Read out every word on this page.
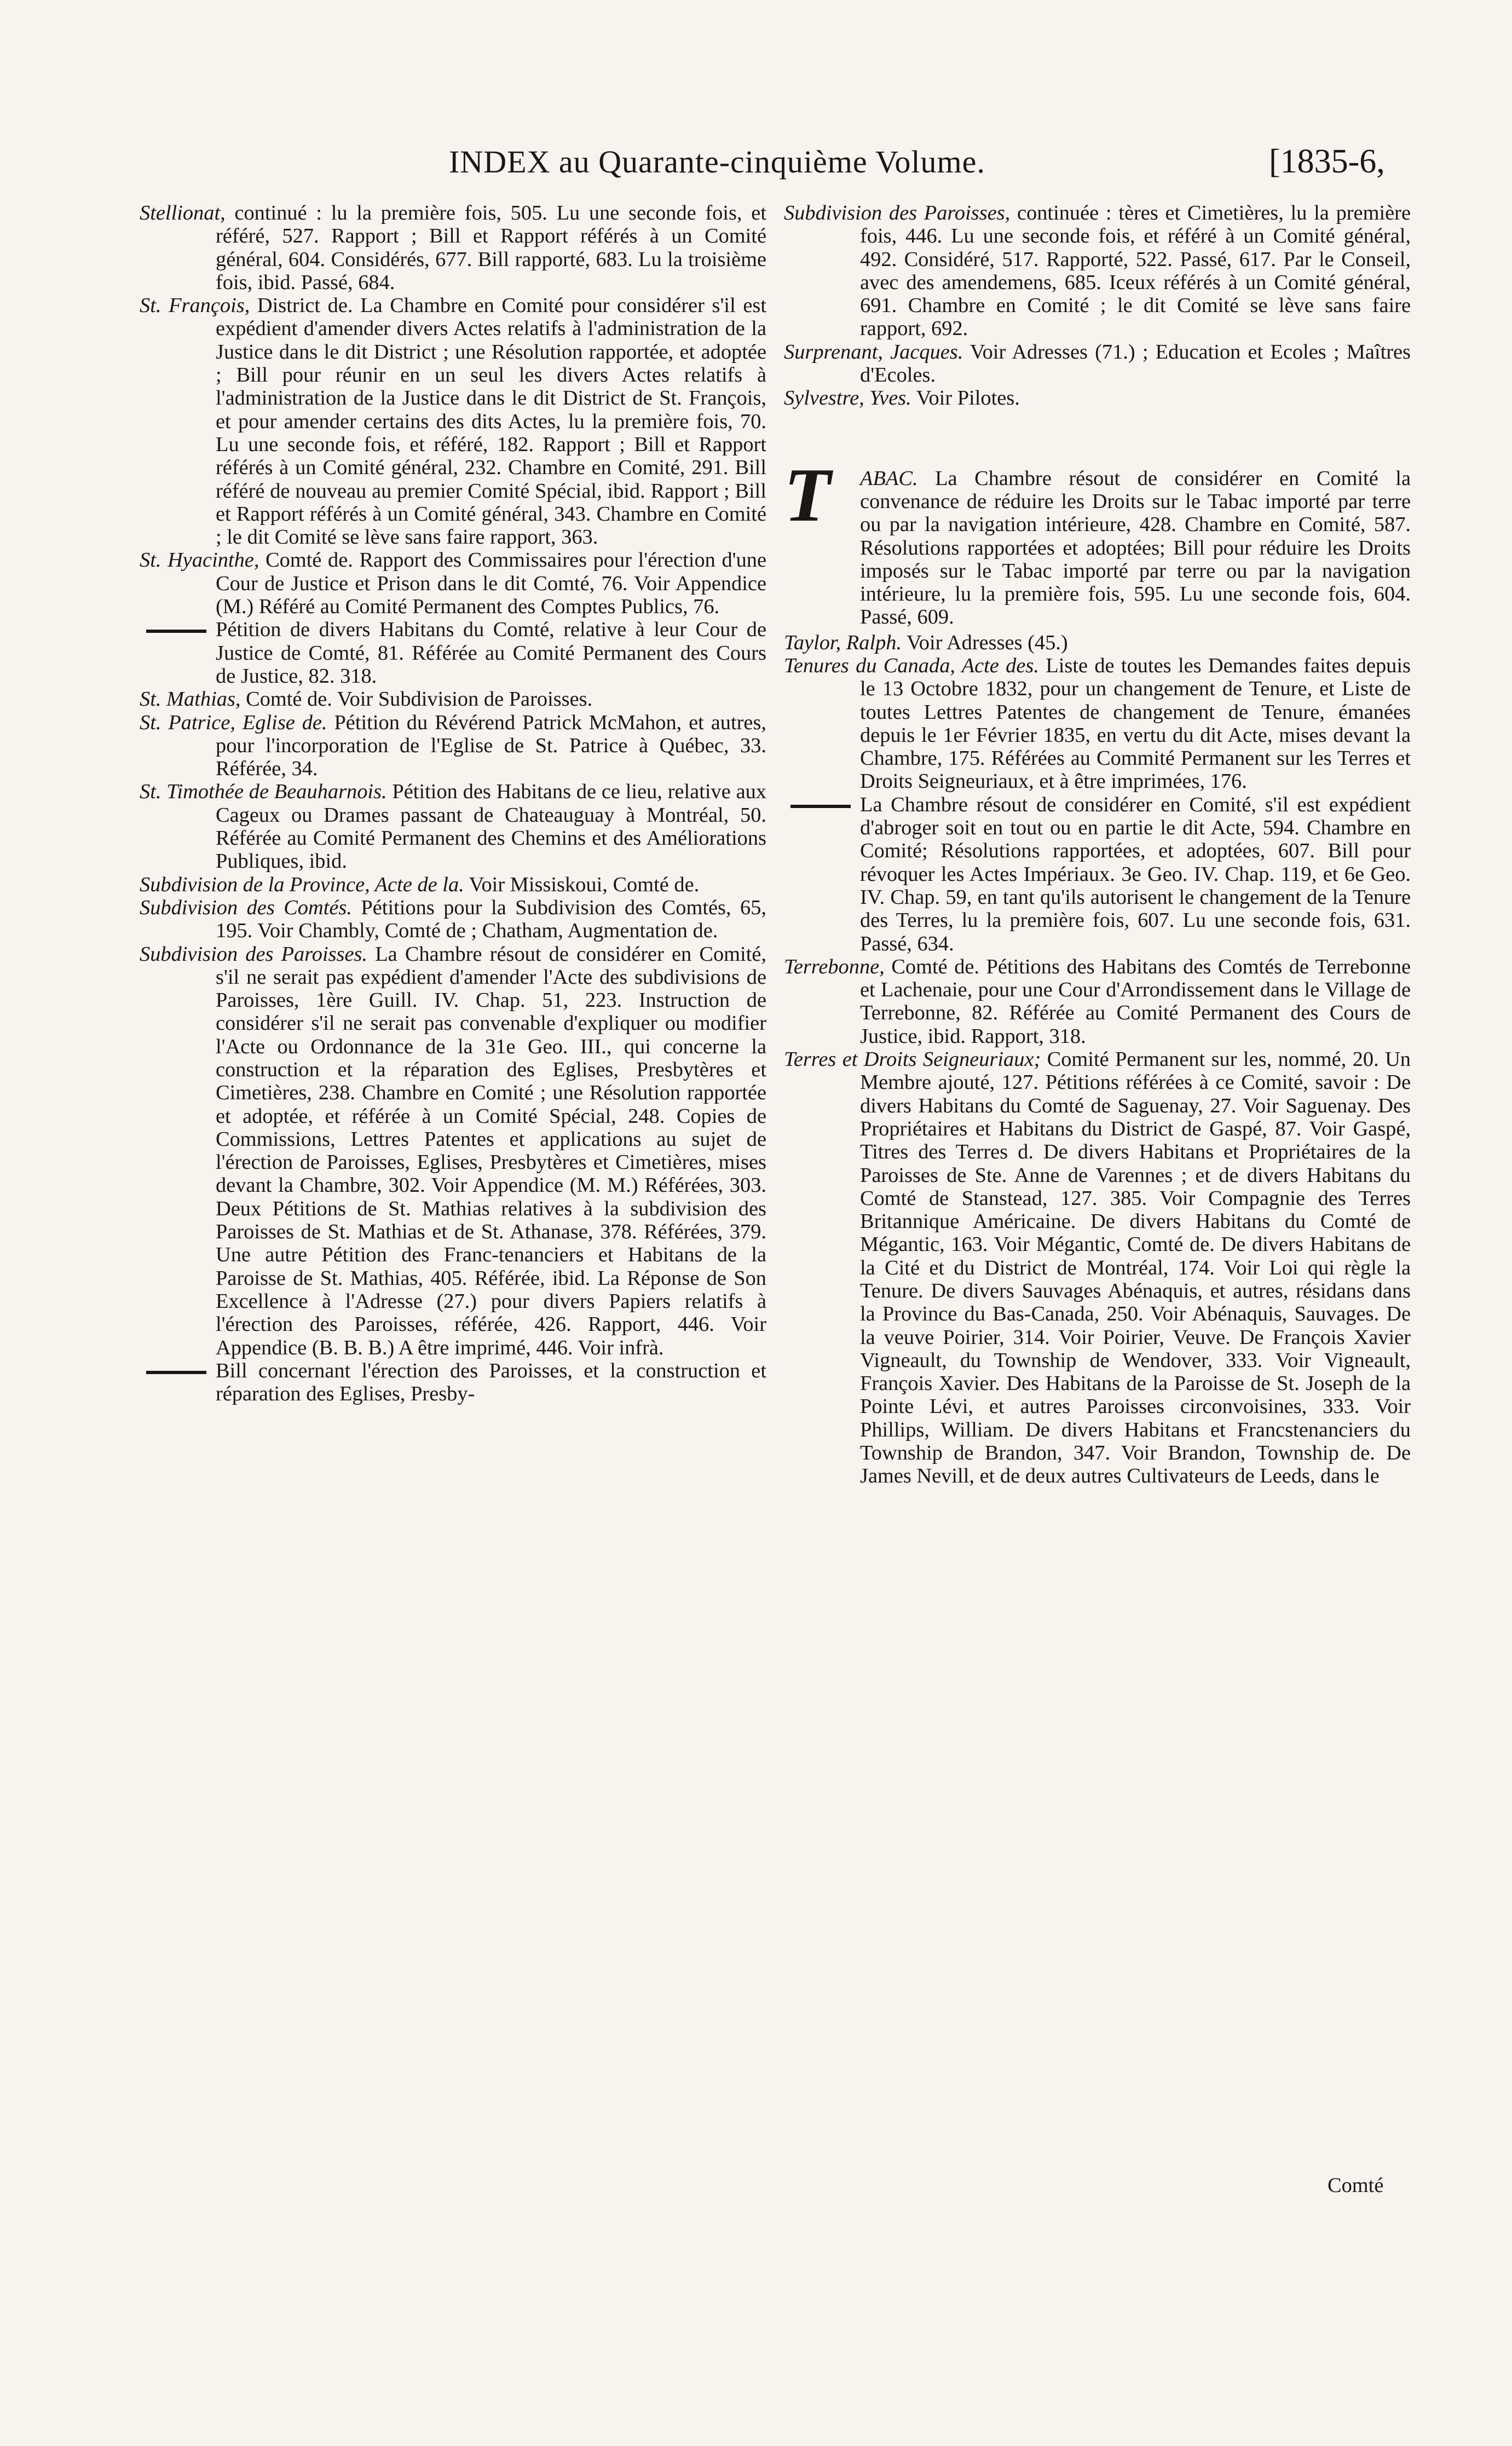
INDEX au Quarante-cinquième Volume.	[1835-6,

Stellionat, continué : lu la première fois, 505. Lu une seconde fois, et référé, 527. Rapport ; Bill et Rapport référés à un Comité général, 604. Considérés, 677. Bill rapporté, 683. Lu la troisième fois, ibid. Passé, 684.

St. François, District de. La Chambre en Comité pour considérer s'il est expédient d'amender divers Actes relatifs à l'administration de la Justice dans le dit District ; une Résolution rapportée, et adoptée ; Bill pour réunir en un seul les divers Actes relatifs à l'administration de la Justice dans le dit District de St. François, et pour amender certains des dits Actes, lu la première fois, 70. Lu une seconde fois, et référé, 182. Rapport ; Bill et Rapport référés à un Comité général, 232. Chambre en Comité, 291. Bill référé de nouveau au premier Comité Spécial, ibid. Rapport ; Bill et Rapport référés à un Comité général, 343. Chambre en Comité ; le dit Comité se lève sans faire rapport, 363.

St. Hyacinthe, Comté de. Rapport des Commissaires pour l'érection d'une Cour de Justice et Prison dans le dit Comté, 76. Voir Appendice (M.) Référé au Comité Permanent des Comptes Publics, 76.

Pétition de divers Habitans du Comté, relative à leur Cour de Justice de Comté, 81. Référée au Comité Permanent des Cours de Justice, 82. 318.

St. Mathias, Comté de. Voir Subdivision de Paroisses.

St. Patrice, Eglise de. Pétition du Révérend Patrick McMahon, et autres, pour l'incorporation de l'Eglise de St. Patrice à Québec, 33. Référée, 34.

St. Timothée de Beauharnois. Pétition des Habitans de ce lieu, relative aux Cageux ou Drames passant de Chateauguay à Montréal, 50. Référée au Comité Permanent des Chemins et des Améliorations Publiques, ibid.

Subdivision de la Province, Acte de la. Voir Missiskoui, Comté de.

Subdivision des Comtés. Pétitions pour la Subdivision des Comtés, 65, 195. Voir Chambly, Comté de ; Chatham, Augmentation de.

Subdivision des Paroisses. La Chambre résout de considérer en Comité, s'il ne serait pas expédient d'amender l'Acte des subdivisions de Paroisses, 1ère Guill. IV. Chap. 51, 223. Instruction de considérer s'il ne serait pas convenable d'expliquer ou modifier l'Acte ou Ordonnance de la 31e Geo. III., qui concerne la construction et la réparation des Eglises, Presbytères et Cimetières, 238. Chambre en Comité ; une Résolution rapportée et adoptée, et référée à un Comité Spécial, 248. Copies de Commissions, Lettres Patentes et applications au sujet de l'érection de Paroisses, Eglises, Presbytères et Cimetières, mises devant la Chambre, 302. Voir Appendice (M. M.) Référées, 303. Deux Pétitions de St. Mathias relatives à la subdivision des Paroisses de St. Mathias et de St. Athanase, 378. Référées, 379. Une autre Pétition des Franc-tenanciers et Habitans de la Paroisse de St. Mathias, 405. Référée, ibid. La Réponse de Son Excellence à l'Adresse (27.) pour divers Papiers relatifs à l'érection des Paroisses, référée, 426. Rapport, 446. Voir Appendice (B. B. B.) A être imprimé, 446. Voir infrà.

Bill concernant l'érection des Paroisses, et la construction et réparation des Eglises, Presby-

Subdivision des Paroisses, continuée : tères et Cimetières, lu la première fois, 446. Lu une seconde fois, et référé à un Comité général, 492. Considéré, 517. Rapporté, 522. Passé, 617. Par le Conseil, avec des amendemens, 685. Iceux référés à un Comité général, 691. Chambre en Comité ; le dit Comité se lève sans faire rapport, 692.

Surprenant, Jacques. Voir Adresses (71.) ; Education et Ecoles ; Maîtres d'Ecoles.

Sylvestre, Yves. Voir Pilotes.

T ABAC. La Chambre résout de considérer en Comité la convenance de réduire les Droits sur le Tabac importé par terre ou par la navigation intérieure, 428. Chambre en Comité, 587. Résolutions rapportées et adoptées; Bill pour réduire les Droits imposés sur le Tabac importé par terre ou par la navigation intérieure, lu la première fois, 595. Lu une seconde fois, 604. Passé, 609.

Taylor, Ralph. Voir Adresses (45.)

Tenures du Canada, Acte des. Liste de toutes les Demandes faites depuis le 13 Octobre 1832, pour un changement de Tenure, et Liste de toutes Lettres Patentes de changement de Tenure, émanées depuis le 1er Février 1835, en vertu du dit Acte, mises devant la Chambre, 175. Référées au Commité Permanent sur les Terres et Droits Seigneuriaux, et à être imprimées, 176.

La Chambre résout de considérer en Comité, s'il est expédient d'abroger soit en tout ou en partie le dit Acte, 594. Chambre en Comité; Résolutions rapportées, et adoptées, 607. Bill pour révoquer les Actes Impériaux. 3e Geo. IV. Chap. 119, et 6e Geo. IV. Chap. 59, en tant qu'ils autorisent le changement de la Tenure des Terres, lu la première fois, 607. Lu une seconde fois, 631. Passé, 634.

Terrebonne, Comté de. Pétitions des Habitans des Comtés de Terrebonne et Lachenaie, pour une Cour d'Arrondissement dans le Village de Terrebonne, 82. Référée au Comité Permanent des Cours de Justice, ibid. Rapport, 318.

Terres et Droits Seigneuriaux; Comité Permanent sur les, nommé, 20. Un Membre ajouté, 127. Pétitions référées à ce Comité, savoir : De divers Habitans du Comté de Saguenay, 27. Voir Saguenay. Des Propriétaires et Habitans du District de Gaspé, 87. Voir Gaspé, Titres des Terres d. De divers Habitans et Propriétaires de la Paroisses de Ste. Anne de Varennes ; et de divers Habitans du Comté de Stanstead, 127. 385. Voir Compagnie des Terres Britannique Américaine. De divers Habitans du Comté de Mégantic, 163. Voir Mégantic, Comté de. De divers Habitans de la Cité et du District de Montréal, 174. Voir Loi qui règle la Tenure. De divers Sauvages Abénaquis, et autres, résidans dans la Province du Bas-Canada, 250. Voir Abénaquis, Sauvages. De la veuve Poirier, 314. Voir Poirier, Veuve. De François Xavier Vigneault, du Township de Wendover, 333. Voir Vigneault, François Xavier. Des Habitans de la Paroisse de St. Joseph de la Pointe Lévi, et autres Paroisses circonvoisines, 333. Voir Phillips, William. De divers Habitans et Francstenanciers du Township de Brandon, 347. Voir Brandon, Township de. De James Nevill, et de deux autres Cultivateurs de Leeds, dans le

Comté
